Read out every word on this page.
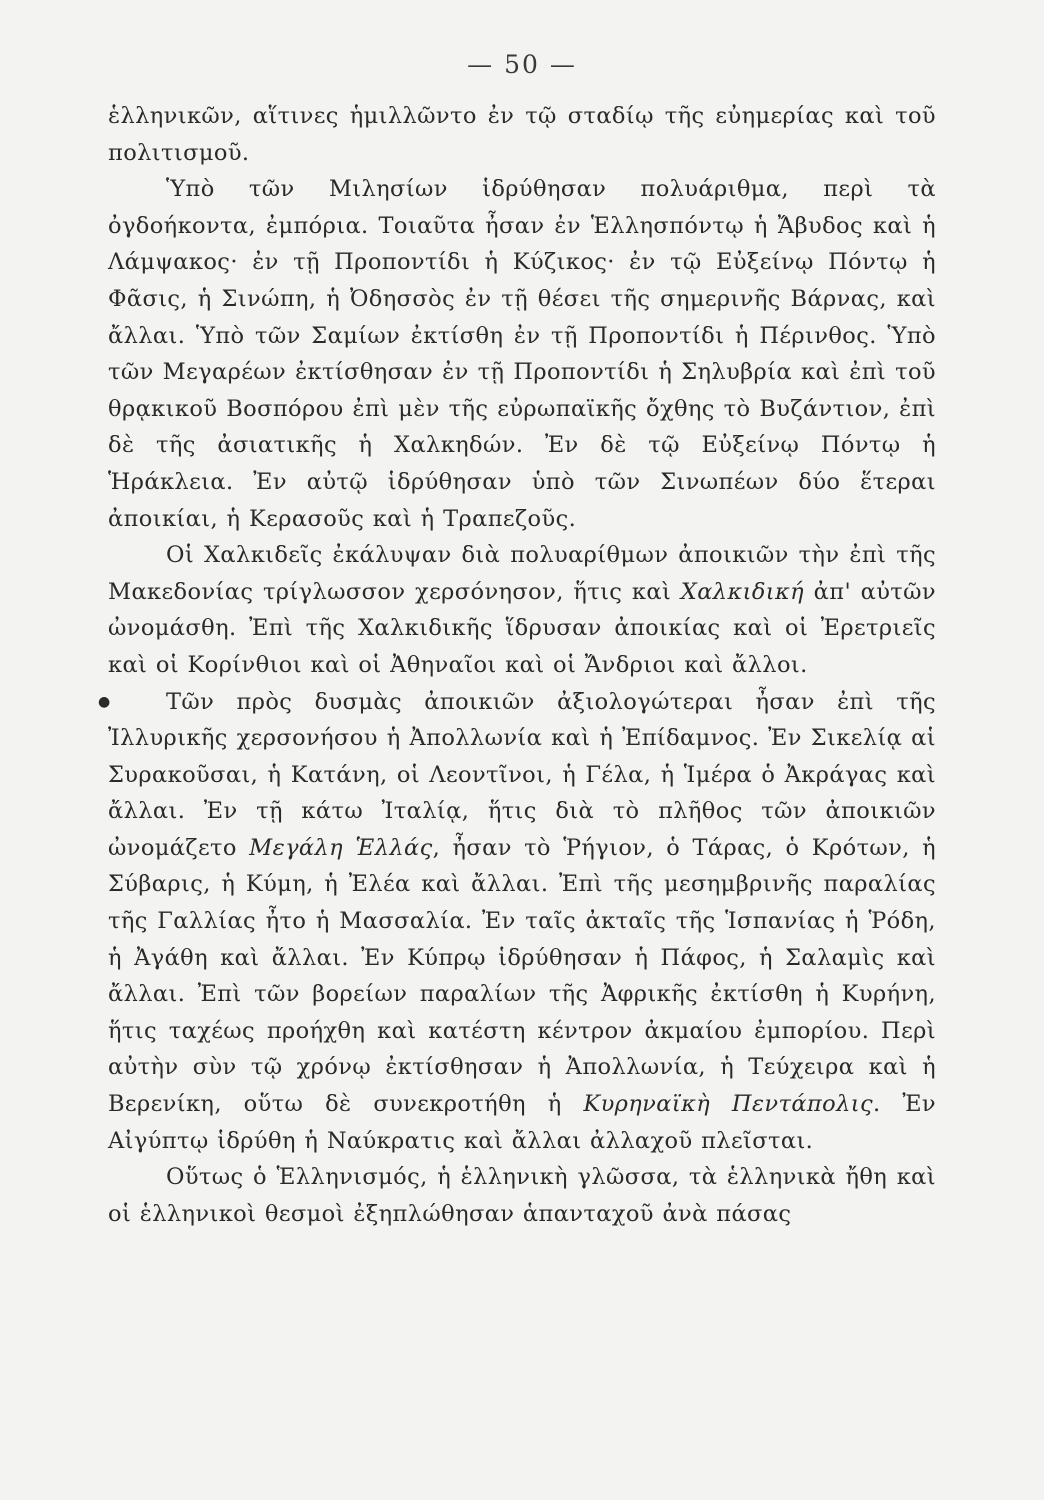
— 50 —

ἑλληνικῶν, αἵτινες ἡμιλλῶντο ἐν τῷ σταδίῳ τῆς εὐημερίας καὶ τοῦ πολιτισμοῦ.

Ὑπὸ τῶν Μιλησίων ἱδρύθησαν πολυάριθμα, περὶ τὰ ὀγδοήκοντα, ἐμπόρια. Τοιαῦτα ἦσαν ἐν Ἑλλησπόντῳ ἡ Ἄβυδος καὶ ἡ Λάμψακος· ἐν τῇ Προποντίδι ἡ Κύζικος· ἐν τῷ Εὐξείνῳ Πόντῳ ἡ Φᾶσις, ἡ Σινώπη, ἡ Ὀδησσὸς ἐν τῇ θέσει τῆς σημερινῆς Βάρνας, καὶ ἄλλαι. Ὑπὸ τῶν Σαμίων ἐκτίσθη ἐν τῇ Προποντίδι ἡ Πέρινθος. Ὑπὸ τῶν Μεγαρέων ἐκτίσθησαν ἐν τῇ Προποντίδι ἡ Σηλυβρία καὶ ἐπὶ τοῦ θρᾳκικοῦ Βοσπόρου ἐπὶ μὲν τῆς εὐρωπαϊκῆς ὄχθης τὸ Βυζάντιον, ἐπὶ δὲ τῆς ἀσιατικῆς ἡ Χαλκηδών. Ἐν δὲ τῷ Εὐξείνῳ Πόντῳ ἡ Ἡράκλεια. Ἐν αὐτῷ ἱδρύθησαν ὑπὸ τῶν Σινωπέων δύο ἕτεραι ἀποικίαι, ἡ Κερασοῦς καὶ ἡ Τραπεζοῦς.

Οἱ Χαλκιδεῖς ἐκάλυψαν διὰ πολυαρίθμων ἀποικιῶν τὴν ἐπὶ τῆς Μακεδονίας τρίγλωσσον χερσόνησον, ἥτις καὶ Χαλκιδική ἀπ' αὐτῶν ὠνομάσθη. Ἐπὶ τῆς Χαλκιδικῆς ἵδρυσαν ἀποικίας καὶ οἱ Ἐρετριεῖς καὶ οἱ Κορίνθιοι καὶ οἱ Ἀθηναῖοι καὶ οἱ Ἄνδριοι καὶ ἄλλοι.

●	Τῶν πρὸς δυσμὰς ἀποικιῶν ἀξιολογώτεραι ἦσαν ἐπὶ τῆς Ἰλλυρικῆς χερσονήσου ἡ Ἀπολλωνία καὶ ἡ Ἐπίδαμνος. Ἐν Σικελίᾳ αἱ Συρακοῦσαι, ἡ Κατάνη, οἱ Λεοντῖνοι, ἡ Γέλα, ἡ Ἱμέρα ὁ Ἀκράγας καὶ ἄλλαι. Ἐν τῇ κάτω Ἰταλίᾳ, ἥτις διὰ τὸ πλῆθος τῶν ἀποικιῶν ὠνομάζετο Μεγάλη Ἑλλάς, ἦσαν τὸ Ῥήγιον, ὁ Τάρας, ὁ Κρότων, ἡ Σύβαρις, ἡ Κύμη, ἡ Ἐλέα καὶ ἄλλαι. Ἐπὶ τῆς μεσημβρινῆς παραλίας τῆς Γαλλίας ἦτο ἡ Μασσαλία. Ἐν ταῖς ἀκταῖς τῆς Ἱσπανίας ἡ Ῥόδη, ἡ Ἀγάθη καὶ ἄλλαι. Ἐν Κύπρῳ ἱδρύθησαν ἡ Πάφος, ἡ Σαλαμὶς καὶ ἄλλαι. Ἐπὶ τῶν βορείων παραλίων τῆς Ἀφρικῆς ἐκτίσθη ἡ Κυρήνη, ἥτις ταχέως προήχθη καὶ κατέστη κέντρον ἀκμαίου ἐμπορίου. Περὶ αὐτὴν σὺν τῷ χρόνῳ ἐκτίσθησαν ἡ Ἀπολλωνία, ἡ Τεύχειρα καὶ ἡ Βερενίκη, οὕτω δὲ συνεκροτήθη ἡ Κυρηναϊκὴ Πεντάπολις. Ἐν Αἰγύπτῳ ἱδρύθη ἡ Ναύκρατις καὶ ἄλλαι ἀλλαχοῦ πλεῖσται.

Οὕτως ὁ Ἑλληνισμός, ἡ ἑλληνικὴ γλῶσσα, τὰ ἑλληνικὰ ἤθη καὶ οἱ ἑλληνικοὶ θεσμοὶ ἐξηπλώθησαν ἁπανταχοῦ ἀνὰ πάσας
